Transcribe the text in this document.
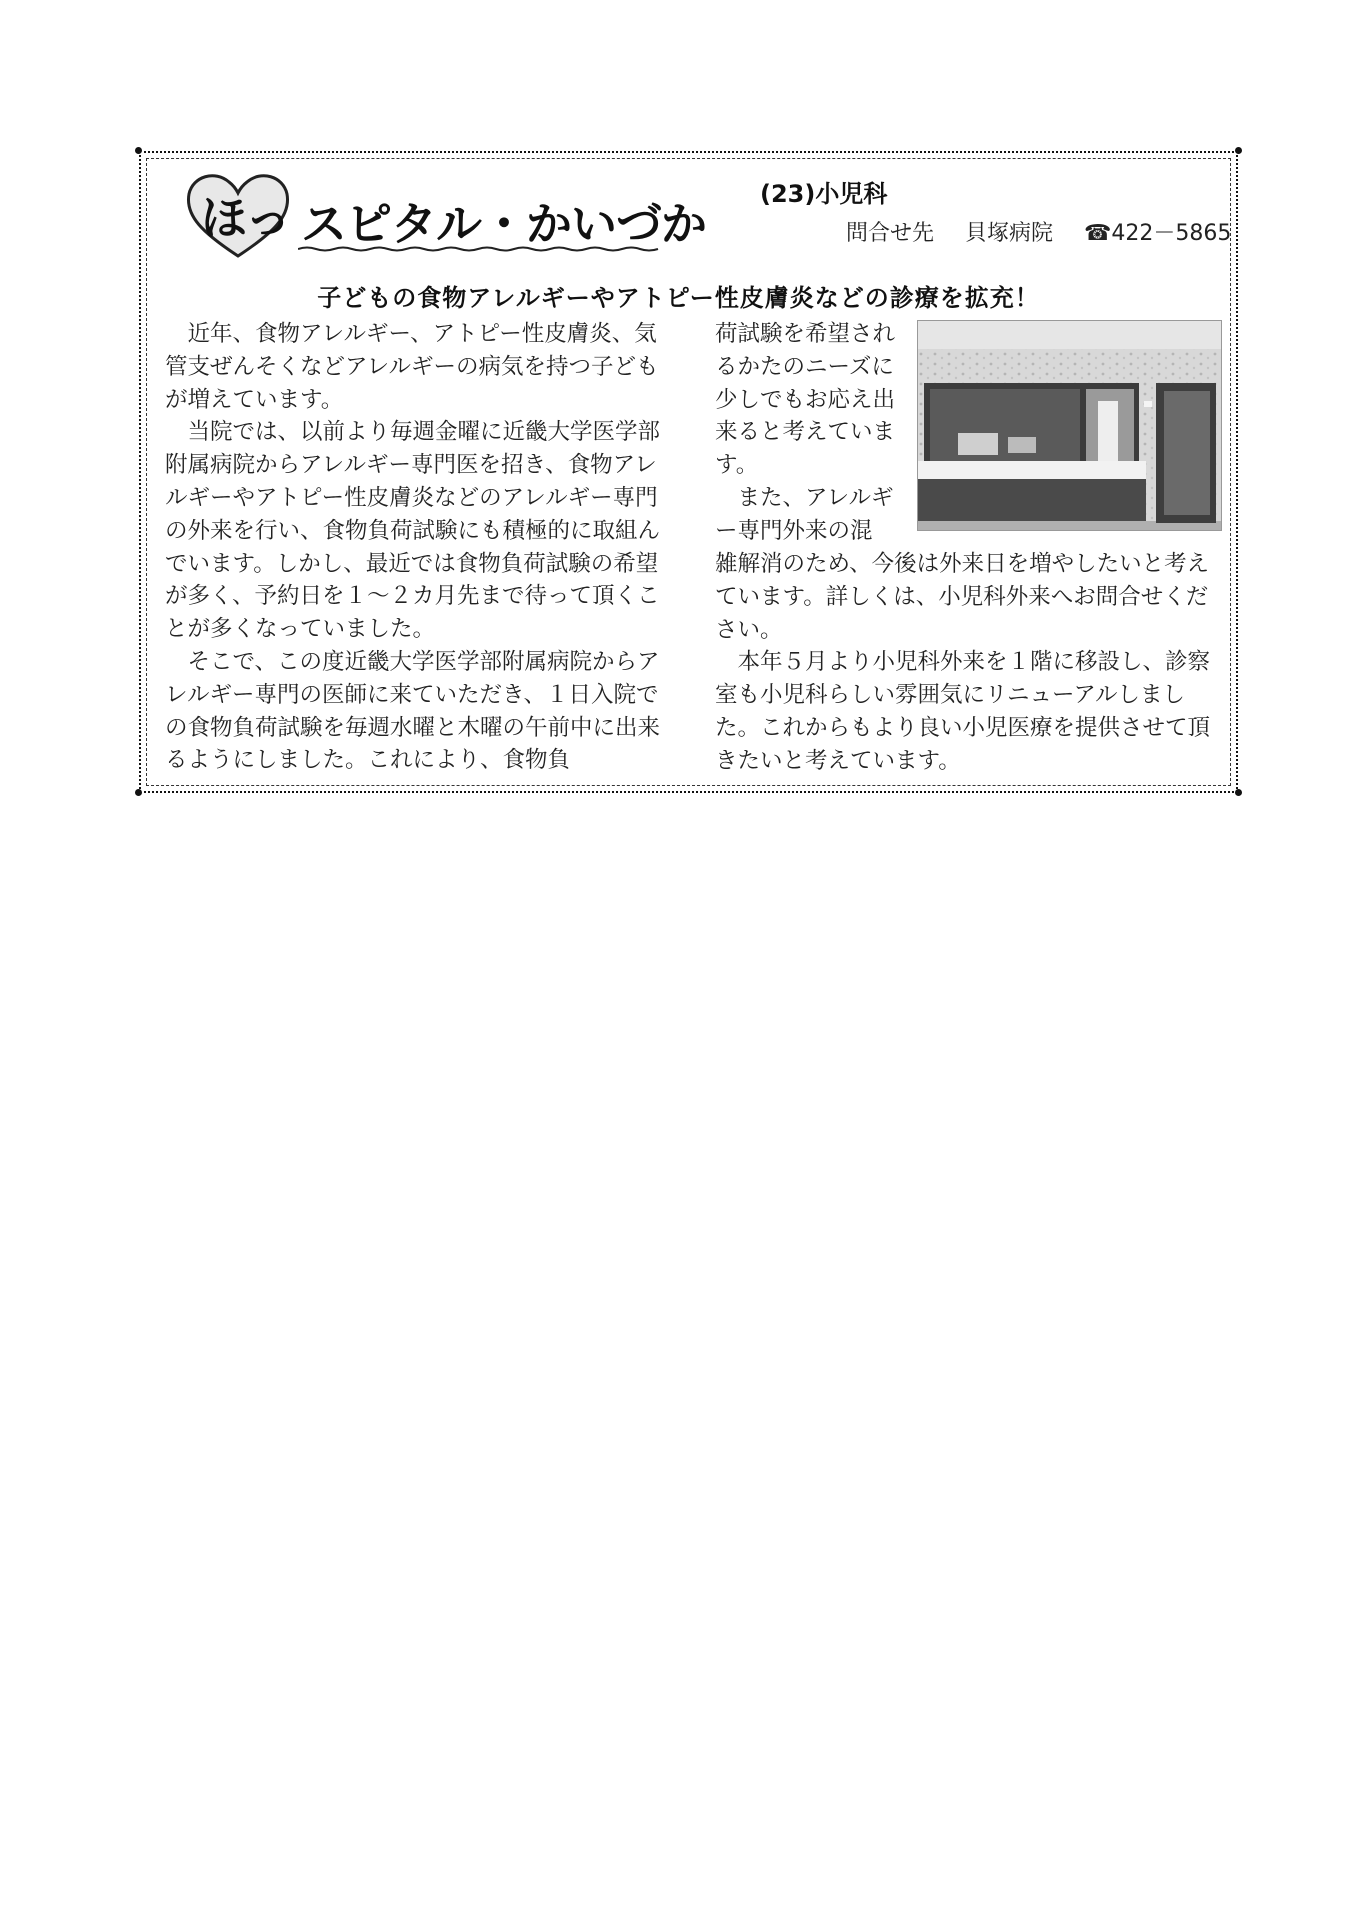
ほっ スピタル・かいづか
(23)小児科
問合せ先 貝塚病院 ☎422－5865
子どもの食物アレルギーやアトピー性皮膚炎などの診療を拡充！

近年、食物アレルギー、アトピー性皮膚炎、気管支ぜんそくなどアレルギーの病気を持つ子どもが増えています。

当院では、以前より毎週金曜に近畿大学医学部附属病院からアレルギー専門医を招き、食物アレルギーやアトピー性皮膚炎などのアレルギー専門の外来を行い、食物負荷試験にも積極的に取組んでいます。しかし、最近では食物負荷試験の希望が多く、予約日を１～２カ月先まで待って頂くことが多くなっていました。

そこで、この度近畿大学医学部附属病院からアレルギー専門の医師に来ていただき、１日入院での食物負荷試験を毎週水曜と木曜の午前中に出来るようにしました。これにより、食物負

荷試験を希望されるかたのニーズに少しでもお応え出来ると考えています。

また、アレルギー専門外来の混

雑解消のため、今後は外来日を増やしたいと考えています。詳しくは、小児科外来へお問合せください。

本年５月より小児科外来を１階に移設し、診察室も小児科らしい雰囲気にリニューアルしました。これからもより良い小児医療を提供させて頂きたいと考えています。
